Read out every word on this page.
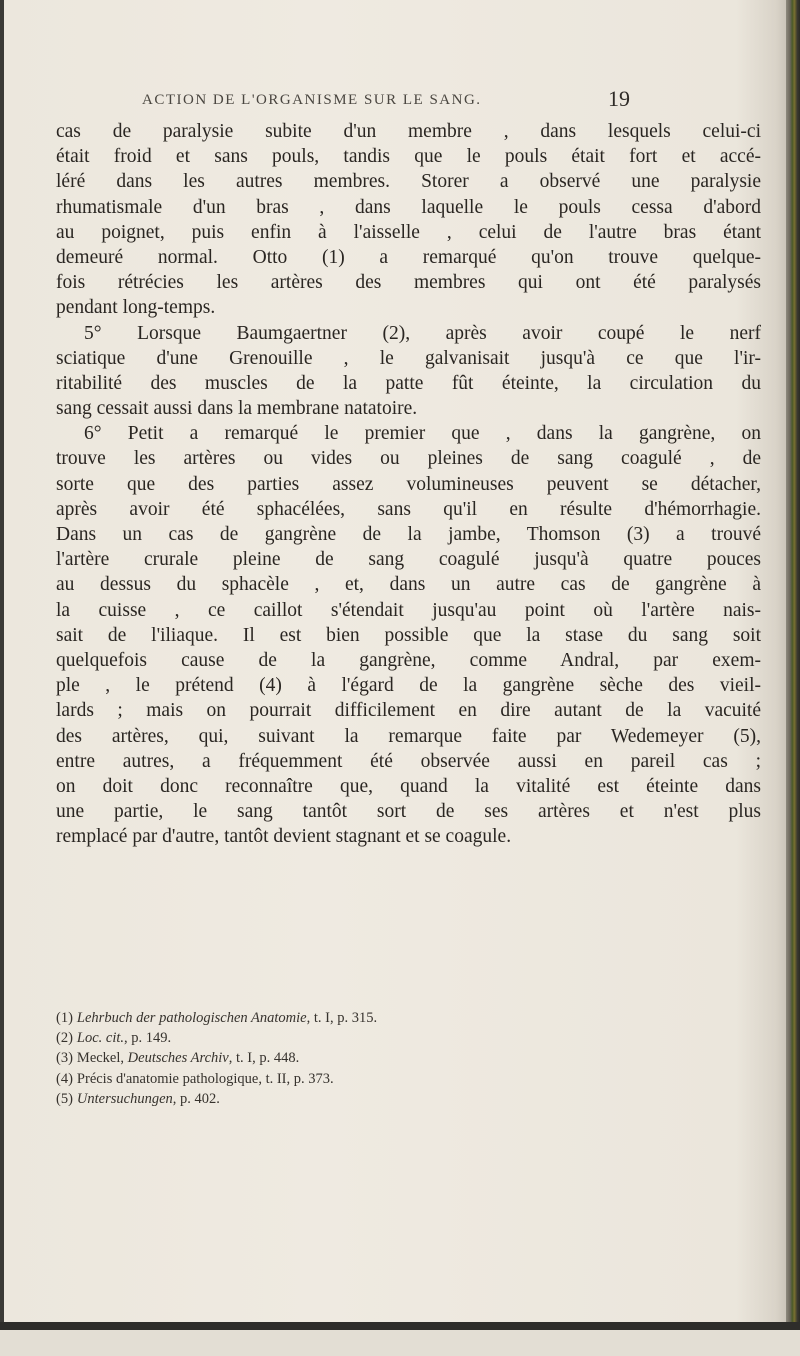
ACTION DE L'ORGANISME SUR LE SANG.	19
cas de paralysie subite d'un membre , dans lesquels celui-ci
était froid et sans pouls, tandis que le pouls était fort et accé-
léré dans les autres membres. Storer a observé une paralysie
rhumatismale d'un bras , dans laquelle le pouls cessa d'abord
au poignet, puis enfin à l'aisselle , celui de l'autre bras étant
demeuré normal. Otto (1) a remarqué qu'on trouve quelque-
fois rétrécies les artères des membres qui ont été paralysés
pendant long-temps.
5° Lorsque Baumgaertner (2), après avoir coupé le nerf
sciatique d'une Grenouille , le galvanisait jusqu'à ce que l'ir-
ritabilité des muscles de la patte fût éteinte, la circulation du
sang cessait aussi dans la membrane natatoire.
6° Petit a remarqué le premier que , dans la gangrène, on
trouve les artères ou vides ou pleines de sang coagulé , de
sorte que des parties assez volumineuses peuvent se détacher,
après avoir été sphacélées, sans qu'il en résulte d'hémorrhagie.
Dans un cas de gangrène de la jambe, Thomson (3) a trouvé
l'artère crurale pleine de sang coagulé jusqu'à quatre pouces
au dessus du sphacèle , et, dans un autre cas de gangrène à
la cuisse , ce caillot s'étendait jusqu'au point où l'artère nais-
sait de l'iliaque. Il est bien possible que la stase du sang soit
quelquefois cause de la gangrène, comme Andral, par exem-
ple , le prétend (4) à l'égard de la gangrène sèche des vieil-
lards ; mais on pourrait difficilement en dire autant de la vacuité
des artères, qui, suivant la remarque faite par Wedemeyer (5),
entre autres, a fréquemment été observée aussi en pareil cas ;
on doit donc reconnaître que, quand la vitalité est éteinte dans
une partie, le sang tantôt sort de ses artères et n'est plus
remplacé par d'autre, tantôt devient stagnant et se coagule.
(1) Lehrbuch der pathologischen Anatomie, t. I, p. 315.
(2) Loc. cit., p. 149.
(3) Meckel, Deutsches Archiv, t. I, p. 448.
(4) Précis d'anatomie pathologique, t. II, p. 373.
(5) Untersuchungen, p. 402.
